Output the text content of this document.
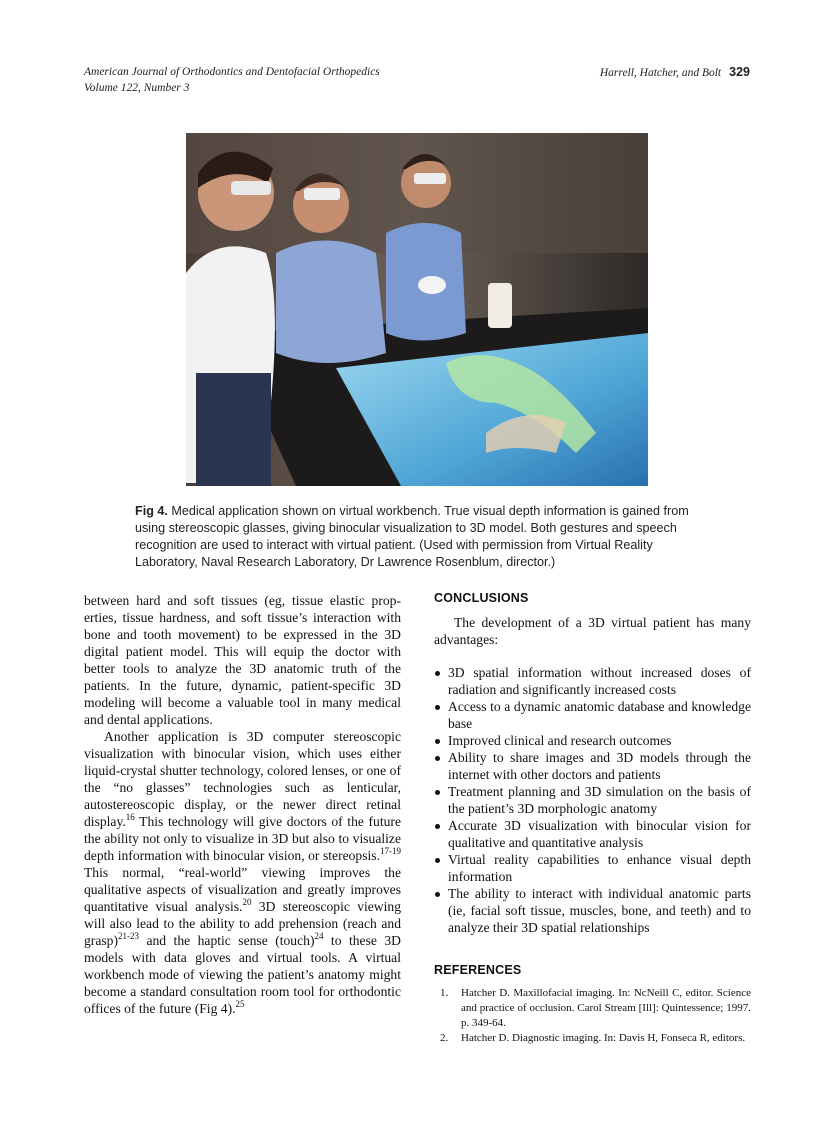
American Journal of Orthodontics and Dentofacial Orthopedics
Volume 122, Number 3
Harrell, Hatcher, and Bolt 329
Fig 4. Medical application shown on virtual workbench. True visual depth information is gained from using stereoscopic glasses, giving binocular visualization to 3D model. Both gestures and speech recognition are used to interact with virtual patient. (Used with permission from Virtual Reality Laboratory, Naval Research Laboratory, Dr Lawrence Rosenblum, director.)

between hard and soft tissues (eg, tissue elastic properties, tissue hardness, and soft tissue’s interaction with bone and tooth movement) to be expressed in the 3D digital patient model. This will equip the doctor with better tools to analyze the 3D anatomic truth of the patients. In the future, dynamic, patient-specific 3D modeling will become a valuable tool in many medical and dental applications.

Another application is 3D computer stereoscopic visualization with binocular vision, which uses either liquid-crystal shutter technology, colored lenses, or one of the “no glasses” technologies such as lenticular, autostereoscopic display, or the newer direct retinal display.$^{16}$ This technology will give doctors of the future the ability not only to visualize in 3D but also to visualize depth information with binocular vision, or stereopsis.$^{17-19}$ This normal, “real-world” viewing improves the qualitative aspects of visualization and greatly improves quantitative visual analysis.$^{20}$ 3D stereoscopic viewing will also lead to the ability to add prehension (reach and grasp)$^{21-23}$ and the haptic sense (touch)$^{24}$ to these 3D models with data gloves and virtual tools. A virtual workbench mode of viewing the patient’s anatomy might become a standard consultation room tool for orthodontic offices of the future (Fig 4).$^{25}$

CONCLUSIONS

The development of a 3D virtual patient has many advantages:

3D spatial information without increased doses of radiation and significantly increased costs
Access to a dynamic anatomic database and knowledge base
Improved clinical and research outcomes
Ability to share images and 3D models through the internet with other doctors and patients
Treatment planning and 3D simulation on the basis of the patient’s 3D morphologic anatomy
Accurate 3D visualization with binocular vision for qualitative and quantitative analysis
Virtual reality capabilities to enhance visual depth information
The ability to interact with individual anatomic parts (ie, facial soft tissue, muscles, bone, and teeth) and to analyze their 3D spatial relationships
REFERENCES
1. Hatcher D. Maxillofacial imaging. In: NcNeill C, editor. Science and practice of occlusion. Carol Stream [Ill]: Quintessence; 1997. p. 349-64.
2. Hatcher D. Diagnostic imaging. In: Davis H, Fonseca R, editors.
